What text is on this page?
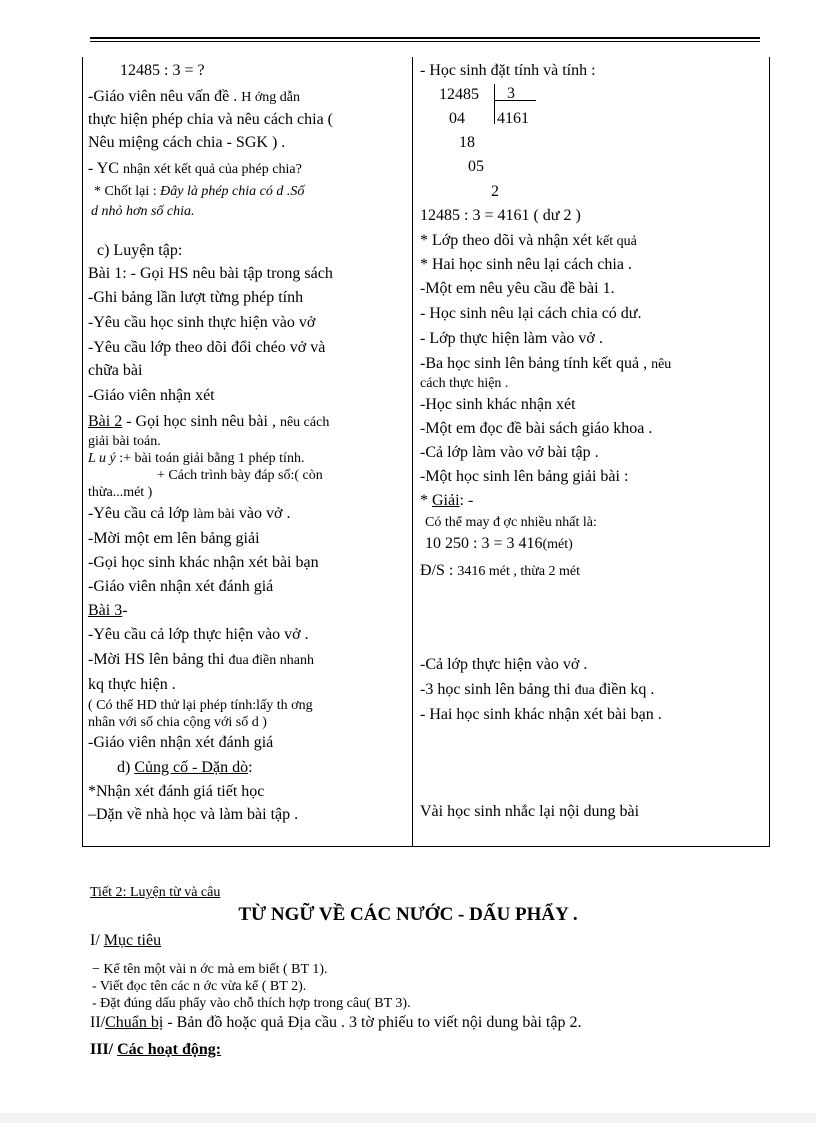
12485 : 3 = ?
-Giáo viên nêu vấn đề . H ớng dẫn
thực hiện phép chia và nêu cách chia (
Nêu miệng cách chia - SGK ) .
- YC nhận xét kết quả của phép chia?
* Chốt lại : Đây là phép chia có d .Số
d nhỏ hơn số chia.
c) Luyện tập:
Bài 1: - Gọi HS nêu bài tập trong sách
-Ghi bảng lần lượt từng phép tính
-Yêu cầu học sinh thực hiện vào vở
-Yêu cầu lớp theo dõi đổi chéo vở và
chữa bài
-Giáo viên nhận xét
Bài 2 - Gọi học sinh nêu bài , nêu cách
giải bài toán.
L u ý :+ bài toán giải bằng 1 phép tính.
+ Cách trình bày đáp số:( còn
thừa...mét )
-Yêu cầu cả lớp làm bài vào vở .
-Mời một em lên bảng giải
-Gọi học sinh khác nhận xét bài bạn
-Giáo viên nhận xét đánh giá
Bài 3-
-Yêu cầu cả lớp thực hiện vào vở .
-Mời HS lên bảng thi đua điền nhanh
kq thực hiện .
( Có thể HD thử lại phép tính:lấy th ơng
nhân với số chia cộng với số d )
-Giáo viên nhận xét đánh giá
d) Củng cố - Dặn dò:
*Nhận xét đánh giá tiết học
–Dặn về nhà học và làm bài tập .
- Học sinh đặt tính và tính :
12485 3
4161
04
18
05
2
12485 : 3 = 4161 ( dư 2 )
* Lớp theo dõi và nhận xét kết quả
* Hai học sinh nêu lại cách chia .
-Một em nêu yêu cầu đề bài 1.
- Học sinh nêu lại cách chia có dư.
- Lớp thực hiện làm vào vở .
-Ba học sinh lên bảng tính kết quả , nêu
cách thực hiện .
-Học sinh khác nhận xét
-Một em đọc đề bài sách giáo khoa .
-Cả lớp làm vào vở bài tập .
-Một học sinh lên bảng giải bài :
* Giải: -
Có thể may đ ợc nhiều nhất là:
10 250 : 3 = 3 416(mét)
Đ/S : 3416 mét , thừa 2 mét
-Cả lớp thực hiện vào vở .
-3 học sinh lên bảng thi đua điền kq .
- Hai học sinh khác nhận xét bài bạn .
Vài học sinh nhắc lại nội dung bài
Tiết 2: Luyện từ và câu
TỪ NGỮ VỀ CÁC NƯỚC - DẤU PHẨY .
I/ Mục tiêu
− Kể tên một vài n ớc mà em biết ( BT 1).
- Viết đọc tên các n ớc vừa kể ( BT 2).
- Đặt đúng dấu phẩy vào chỗ thích hợp trong câu( BT 3).
II/Chuẩn bị - Bản đồ hoặc quả Địa cầu . 3 tờ phiếu to viết nội dung bài tập 2.
III/ Các hoạt động:
